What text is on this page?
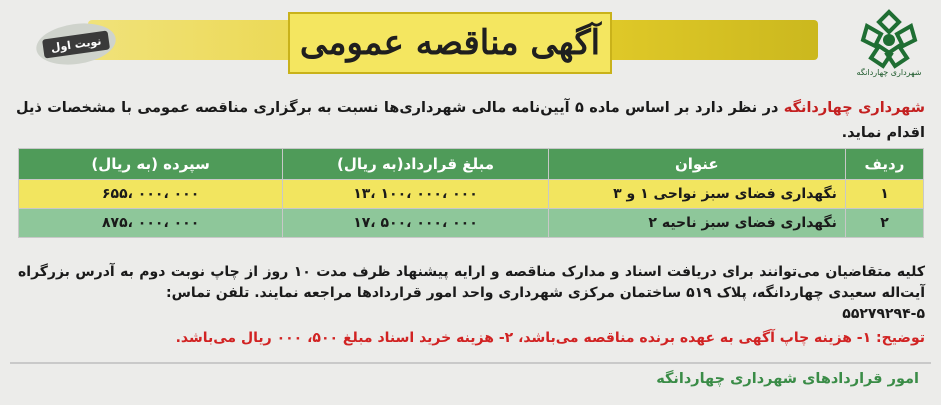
آگهی مناقصه عمومی
نوبت اول
شهرداری چهاردانگه
شهرداری چهاردانگه در نظر دارد بر اساس ماده ۵ آیین‌نامه مالی شهرداری‌ها نسبت به برگزاری مناقصه عمومی با مشخصات ذیل اقدام نماید.
ردیف	عنوان	مبلغ قرارداد(به ریال)	سپرده (به ریال)
۱	نگهداری فضای سبز نواحی ۱ و ۳	۱۳، ۱۰۰، ۰۰۰، ۰۰۰	۶۵۵، ۰۰۰، ۰۰۰
۲	نگهداری فضای سبز ناحیه ۲	۱۷، ۵۰۰، ۰۰۰، ۰۰۰	۸۷۵، ۰۰۰، ۰۰۰
کلیه متقاضیان می‌توانند برای دریافت اسناد و مدارک مناقصه و ارایه پیشنهاد ظرف مدت ۱۰ روز از چاپ نوبت دوم به آدرس بزرگراه آیت‌اله سعیدی چهاردانگه، پلاک ۵۱۹ ساختمان مرکزی شهرداری واحد امور قراردادها مراجعه نمایند. تلفن تماس:
۵۵۲۷۹۲۹۴-۵
توضیح: ۱- هزینه چاپ آگهی به عهده برنده مناقصه می‌باشد، ۲- هزینه خرید اسناد مبلغ ۵۰۰، ۰۰۰ ریال می‌باشد.
امور قراردادهای شهرداری چهاردانگه
